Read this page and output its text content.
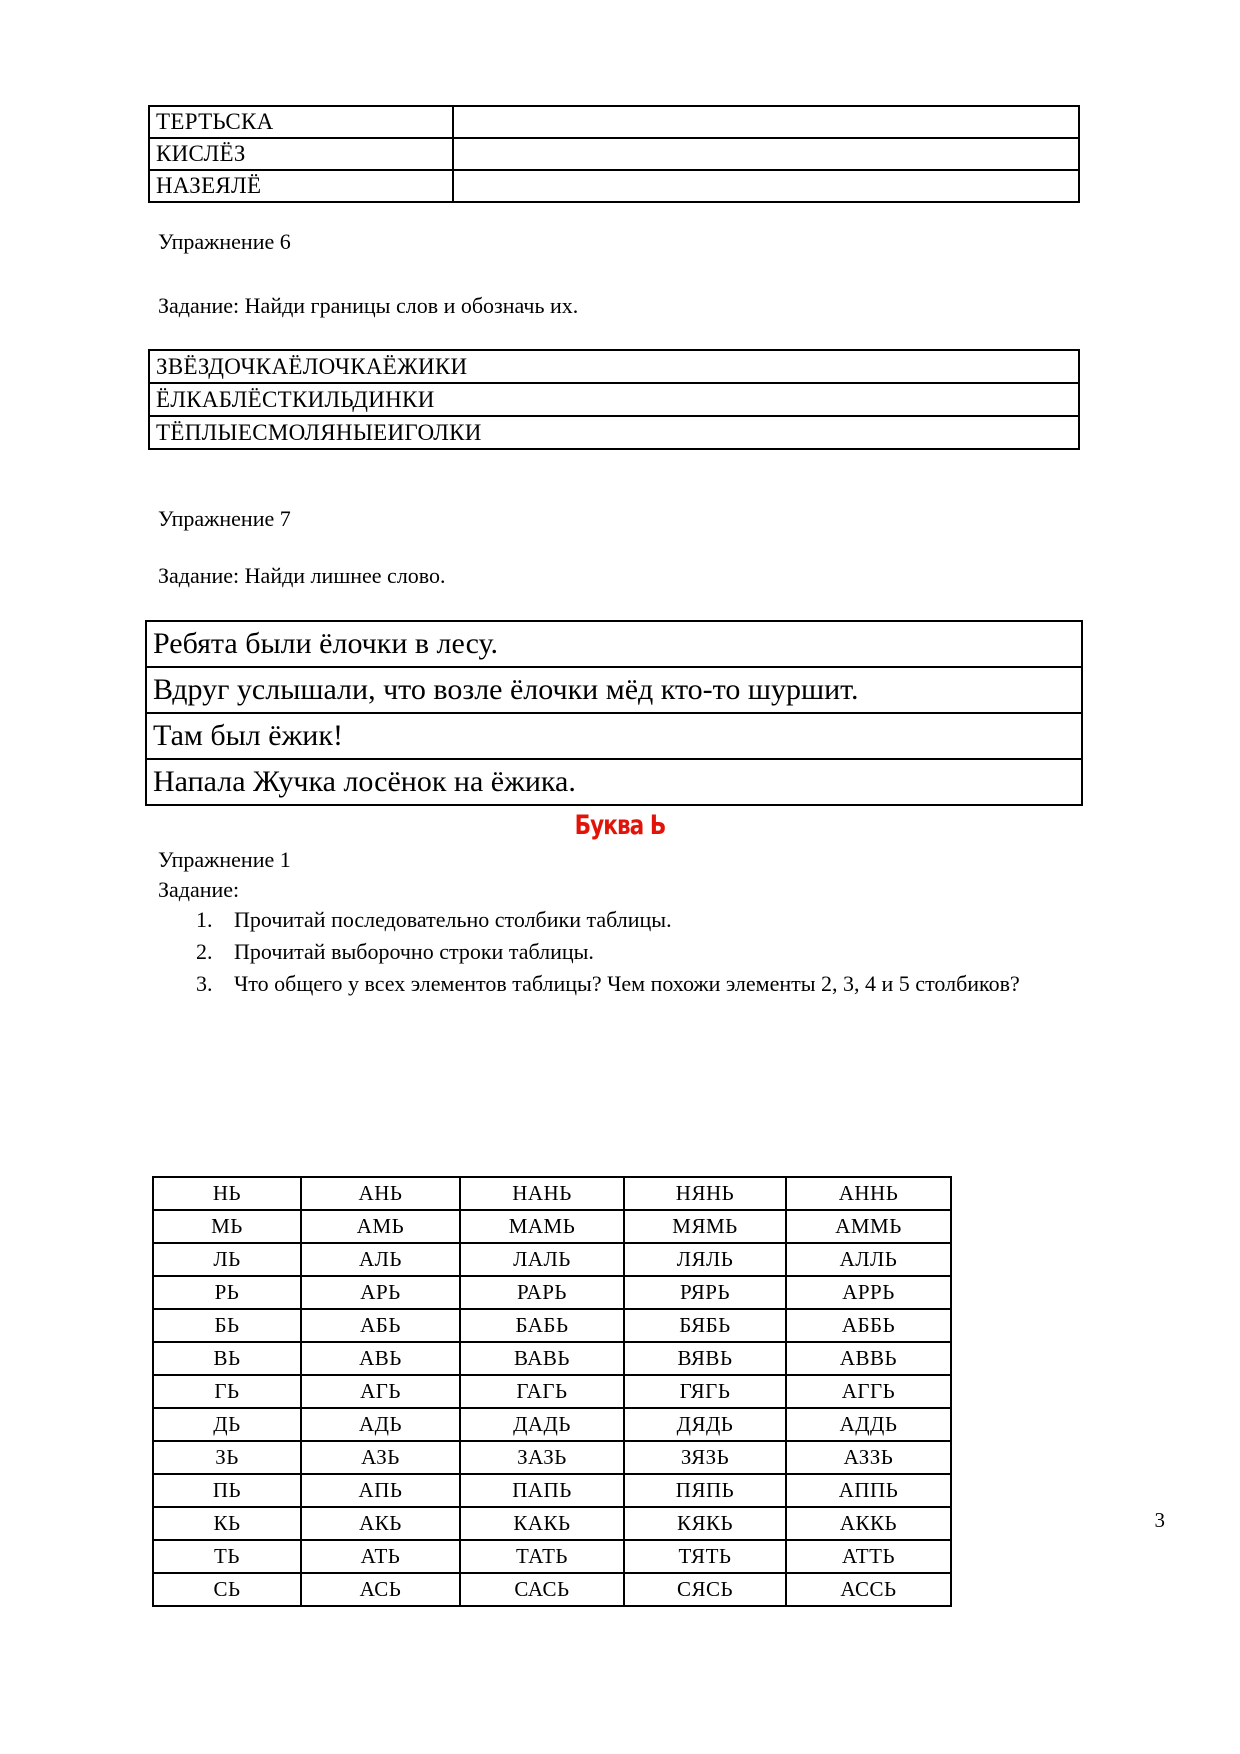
ТЕРТЬСКА	
КИСЛЁЗ	
НАЗЕЯЛЁ	
Упражнение 6
Задание: Найди границы слов и обозначь их.
ЗВЁЗДОЧКАЁЛОЧКАЁЖИКИ
ЁЛКАБЛЁСТКИЛЬДИНКИ
ТЁПЛЫЕСМОЛЯНЫЕИГОЛКИ
Упражнение 7
Задание: Найди лишнее слово.
Ребята были ёлочки в лесу.
Вдруг услышали, что возле ёлочки мёд кто-то шуршит.
Там был ёжик!
Напала Жучка лосёнок на ёжика.
Буква Ь
Упражнение 1
Задание:
1. Прочитай последовательно столбики таблицы.
2. Прочитай выборочно строки таблицы.
3. Что общего у всех элементов таблицы? Чем похожи элементы 2, 3, 4 и 5 столбиков?
НЬ	АНЬ	НАНЬ	НЯНЬ	АННЬ
МЬ	АМЬ	МАМЬ	МЯМЬ	АММЬ
ЛЬ	АЛЬ	ЛАЛЬ	ЛЯЛЬ	АЛЛЬ
РЬ	АРЬ	РАРЬ	РЯРЬ	АРРЬ
БЬ	АБЬ	БАБЬ	БЯБЬ	АББЬ
ВЬ	АВЬ	ВАВЬ	ВЯВЬ	АВВЬ
ГЬ	АГЬ	ГАГЬ	ГЯГЬ	АГГЬ
ДЬ	АДЬ	ДАДЬ	ДЯДЬ	АДДЬ
ЗЬ	АЗЬ	ЗАЗЬ	ЗЯЗЬ	АЗЗЬ
ПЬ	АПЬ	ПАПЬ	ПЯПЬ	АППЬ
КЬ	АКЬ	КАКЬ	КЯКЬ	АККЬ
ТЬ	АТЬ	ТАТЬ	ТЯТЬ	АТТЬ
СЬ	АСЬ	САСЬ	СЯСЬ	АССЬ
3
